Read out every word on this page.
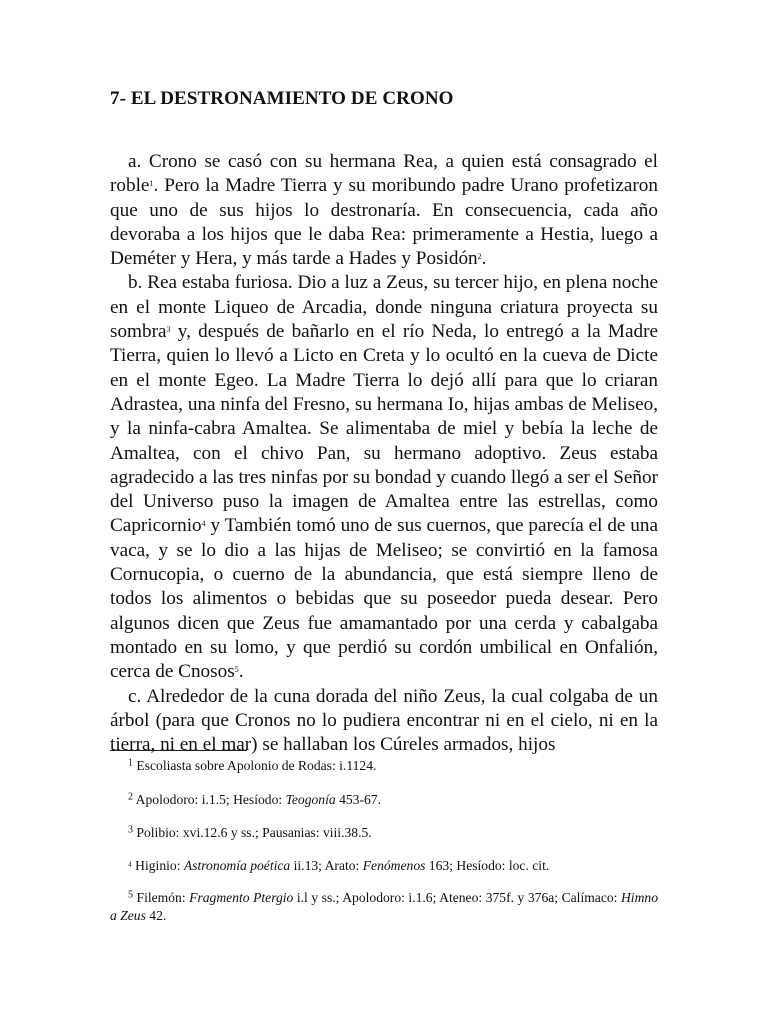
7- EL DESTRONAMIENTO DE CRONO

a. Crono se casó con su hermana Rea, a quien está consagrado el roble$^1$. Pero la Madre Tierra y su moribundo padre Urano profetizaron que uno de sus hijos lo destronaría. En consecuencia, cada año devoraba a los hijos que le daba Rea: primeramente a Hestia, luego a Deméter y Hera, y más tarde a Hades y Posidón$^2$.

b. Rea estaba furiosa. Dio a luz a Zeus, su tercer hijo, en plena noche en el monte Liqueo de Arcadia, donde ninguna criatura proyecta su sombra$^3$ y, después de bañarlo en el río Neda, lo entregó a la Madre Tierra, quien lo llevó a Licto en Creta y lo ocultó en la cueva de Dicte en el monte Egeo. La Madre Tierra lo dejó allí para que lo criaran Adrastea, una ninfa del Fresno, su hermana Io, hijas ambas de Meliseo, y la ninfa-cabra Amaltea. Se alimentaba de miel y bebía la leche de Amaltea, con el chivo Pan, su hermano adoptivo. Zeus estaba agradecido a las tres ninfas por su bondad y cuando llegó a ser el Señor del Universo puso la imagen de Amaltea entre las estrellas, como Capricornio$^4$ y También tomó uno de sus cuernos, que parecía el de una vaca, y se lo dio a las hijas de Meliseo; se convirtió en la famosa Cornucopia, o cuerno de la abundancia, que está siempre lleno de todos los alimentos o bebidas que su poseedor pueda desear. Pero algunos dicen que Zeus fue amamantado por una cerda y cabalgaba montado en su lomo, y que perdió su cordón umbilical en Onfalión, cerca de Cnosos$^5$.

c. Alrededor de la cuna dorada del niño Zeus, la cual colgaba de un árbol (para que Cronos no lo pudiera encontrar ni en el cielo, ni en la tierra, ni en el mar) se hallaban los Cúreles armados, hijos

$^1$ Escoliasta sobre Apolonio de Rodas: i.1124.
$^2$ Apolodoro: i.1.5; Hesíodo: Teogonía 453-67.
$^3$ Polibio: xvi.12.6 y ss.; Pausanias: viii.38.5.
$^4$ Higinio: Astronomía poética ii.13; Arato: Fenómenos 163; Hesíodo: loc. cit.
$^5$ Filemón: Fragmento Ptergio i.l y ss.; Apolodoro: i.1.6; Ateneo: 375f. y 376a; Calímaco: Himno a Zeus 42.
